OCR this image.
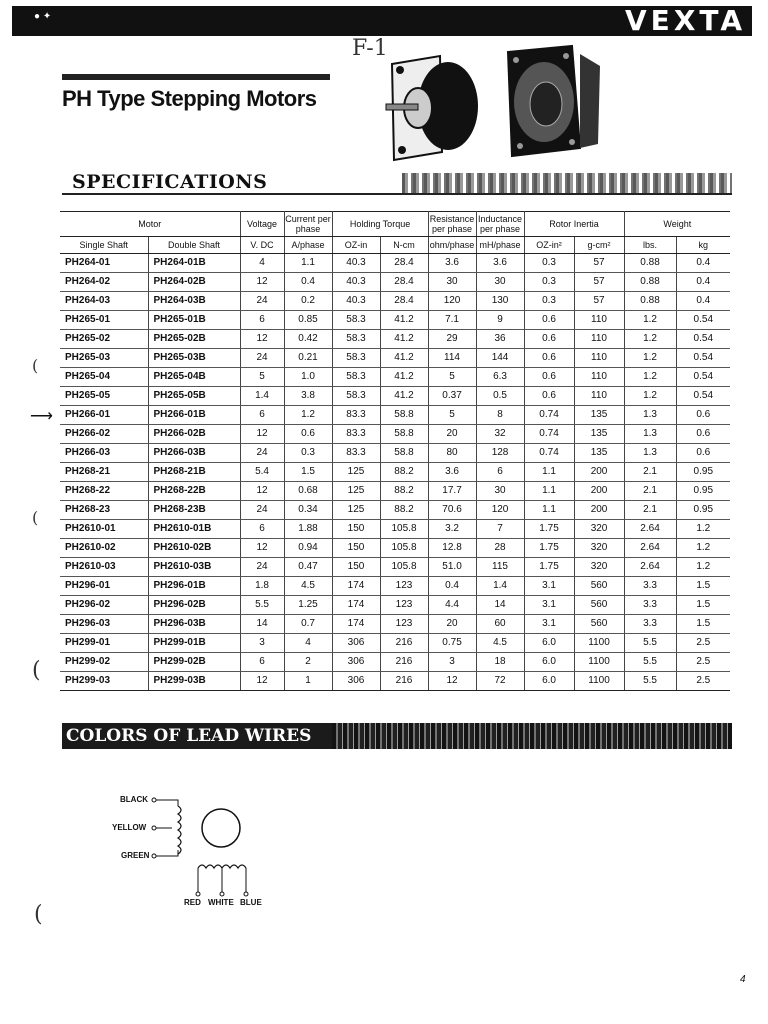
● ✦	VEXTA
F-1
PH Type Stepping Motors
SPECIFICATIONS
Motor		Voltage	Current per phase	Holding Torque		Resistance per phase	Inductance per phase	Rotor Inertia		Weight	
Single Shaft	Double Shaft	V. DC	A/phase	OZ-in	N-cm	ohm/phase	mH/phase	OZ-in²	g-cm²	lbs.	kg
PH264-01	PH264-01B	4	1.1	40.3	28.4	3.6	3.6	0.3	57	0.88	0.4
PH264-02	PH264-02B	12	0.4	40.3	28.4	30	30	0.3	57	0.88	0.4
PH264-03	PH264-03B	24	0.2	40.3	28.4	120	130	0.3	57	0.88	0.4
PH265-01	PH265-01B	6	0.85	58.3	41.2	7.1	9	0.6	110	1.2	0.54
PH265-02	PH265-02B	12	0.42	58.3	41.2	29	36	0.6	110	1.2	0.54
PH265-03	PH265-03B	24	0.21	58.3	41.2	114	144	0.6	110	1.2	0.54
PH265-04	PH265-04B	5	1.0	58.3	41.2	5	6.3	0.6	110	1.2	0.54
PH265-05	PH265-05B	1.4	3.8	58.3	41.2	0.37	0.5	0.6	110	1.2	0.54
PH266-01	PH266-01B	6	1.2	83.3	58.8	5	8	0.74	135	1.3	0.6
PH266-02	PH266-02B	12	0.6	83.3	58.8	20	32	0.74	135	1.3	0.6
PH266-03	PH266-03B	24	0.3	83.3	58.8	80	128	0.74	135	1.3	0.6
PH268-21	PH268-21B	5.4	1.5	125	88.2	3.6	6	1.1	200	2.1	0.95
PH268-22	PH268-22B	12	0.68	125	88.2	17.7	30	1.1	200	2.1	0.95
PH268-23	PH268-23B	24	0.34	125	88.2	70.6	120	1.1	200	2.1	0.95
PH2610-01	PH2610-01B	6	1.88	150	105.8	3.2	7	1.75	320	2.64	1.2
PH2610-02	PH2610-02B	12	0.94	150	105.8	12.8	28	1.75	320	2.64	1.2
PH2610-03	PH2610-03B	24	0.47	150	105.8	51.0	115	1.75	320	2.64	1.2
PH296-01	PH296-01B	1.8	4.5	174	123	0.4	1.4	3.1	560	3.3	1.5
PH296-02	PH296-02B	5.5	1.25	174	123	4.4	14	3.1	560	3.3	1.5
PH296-03	PH296-03B	14	0.7	174	123	20	60	3.1	560	3.3	1.5
PH299-01	PH299-01B	3	4	306	216	0.75	4.5	6.0	1100	5.5	2.5
PH299-02	PH299-02B	6	2	306	216	3	18	6.0	1100	5.5	2.5
PH299-03	PH299-03B	12	1	306	216	12	72	6.0	1100	5.5	2.5
⟶
(
(
(
(
COLORS OF LEAD WIRES
BLACK
YELLOW
GREEN
RED WHITE BLUE
4
